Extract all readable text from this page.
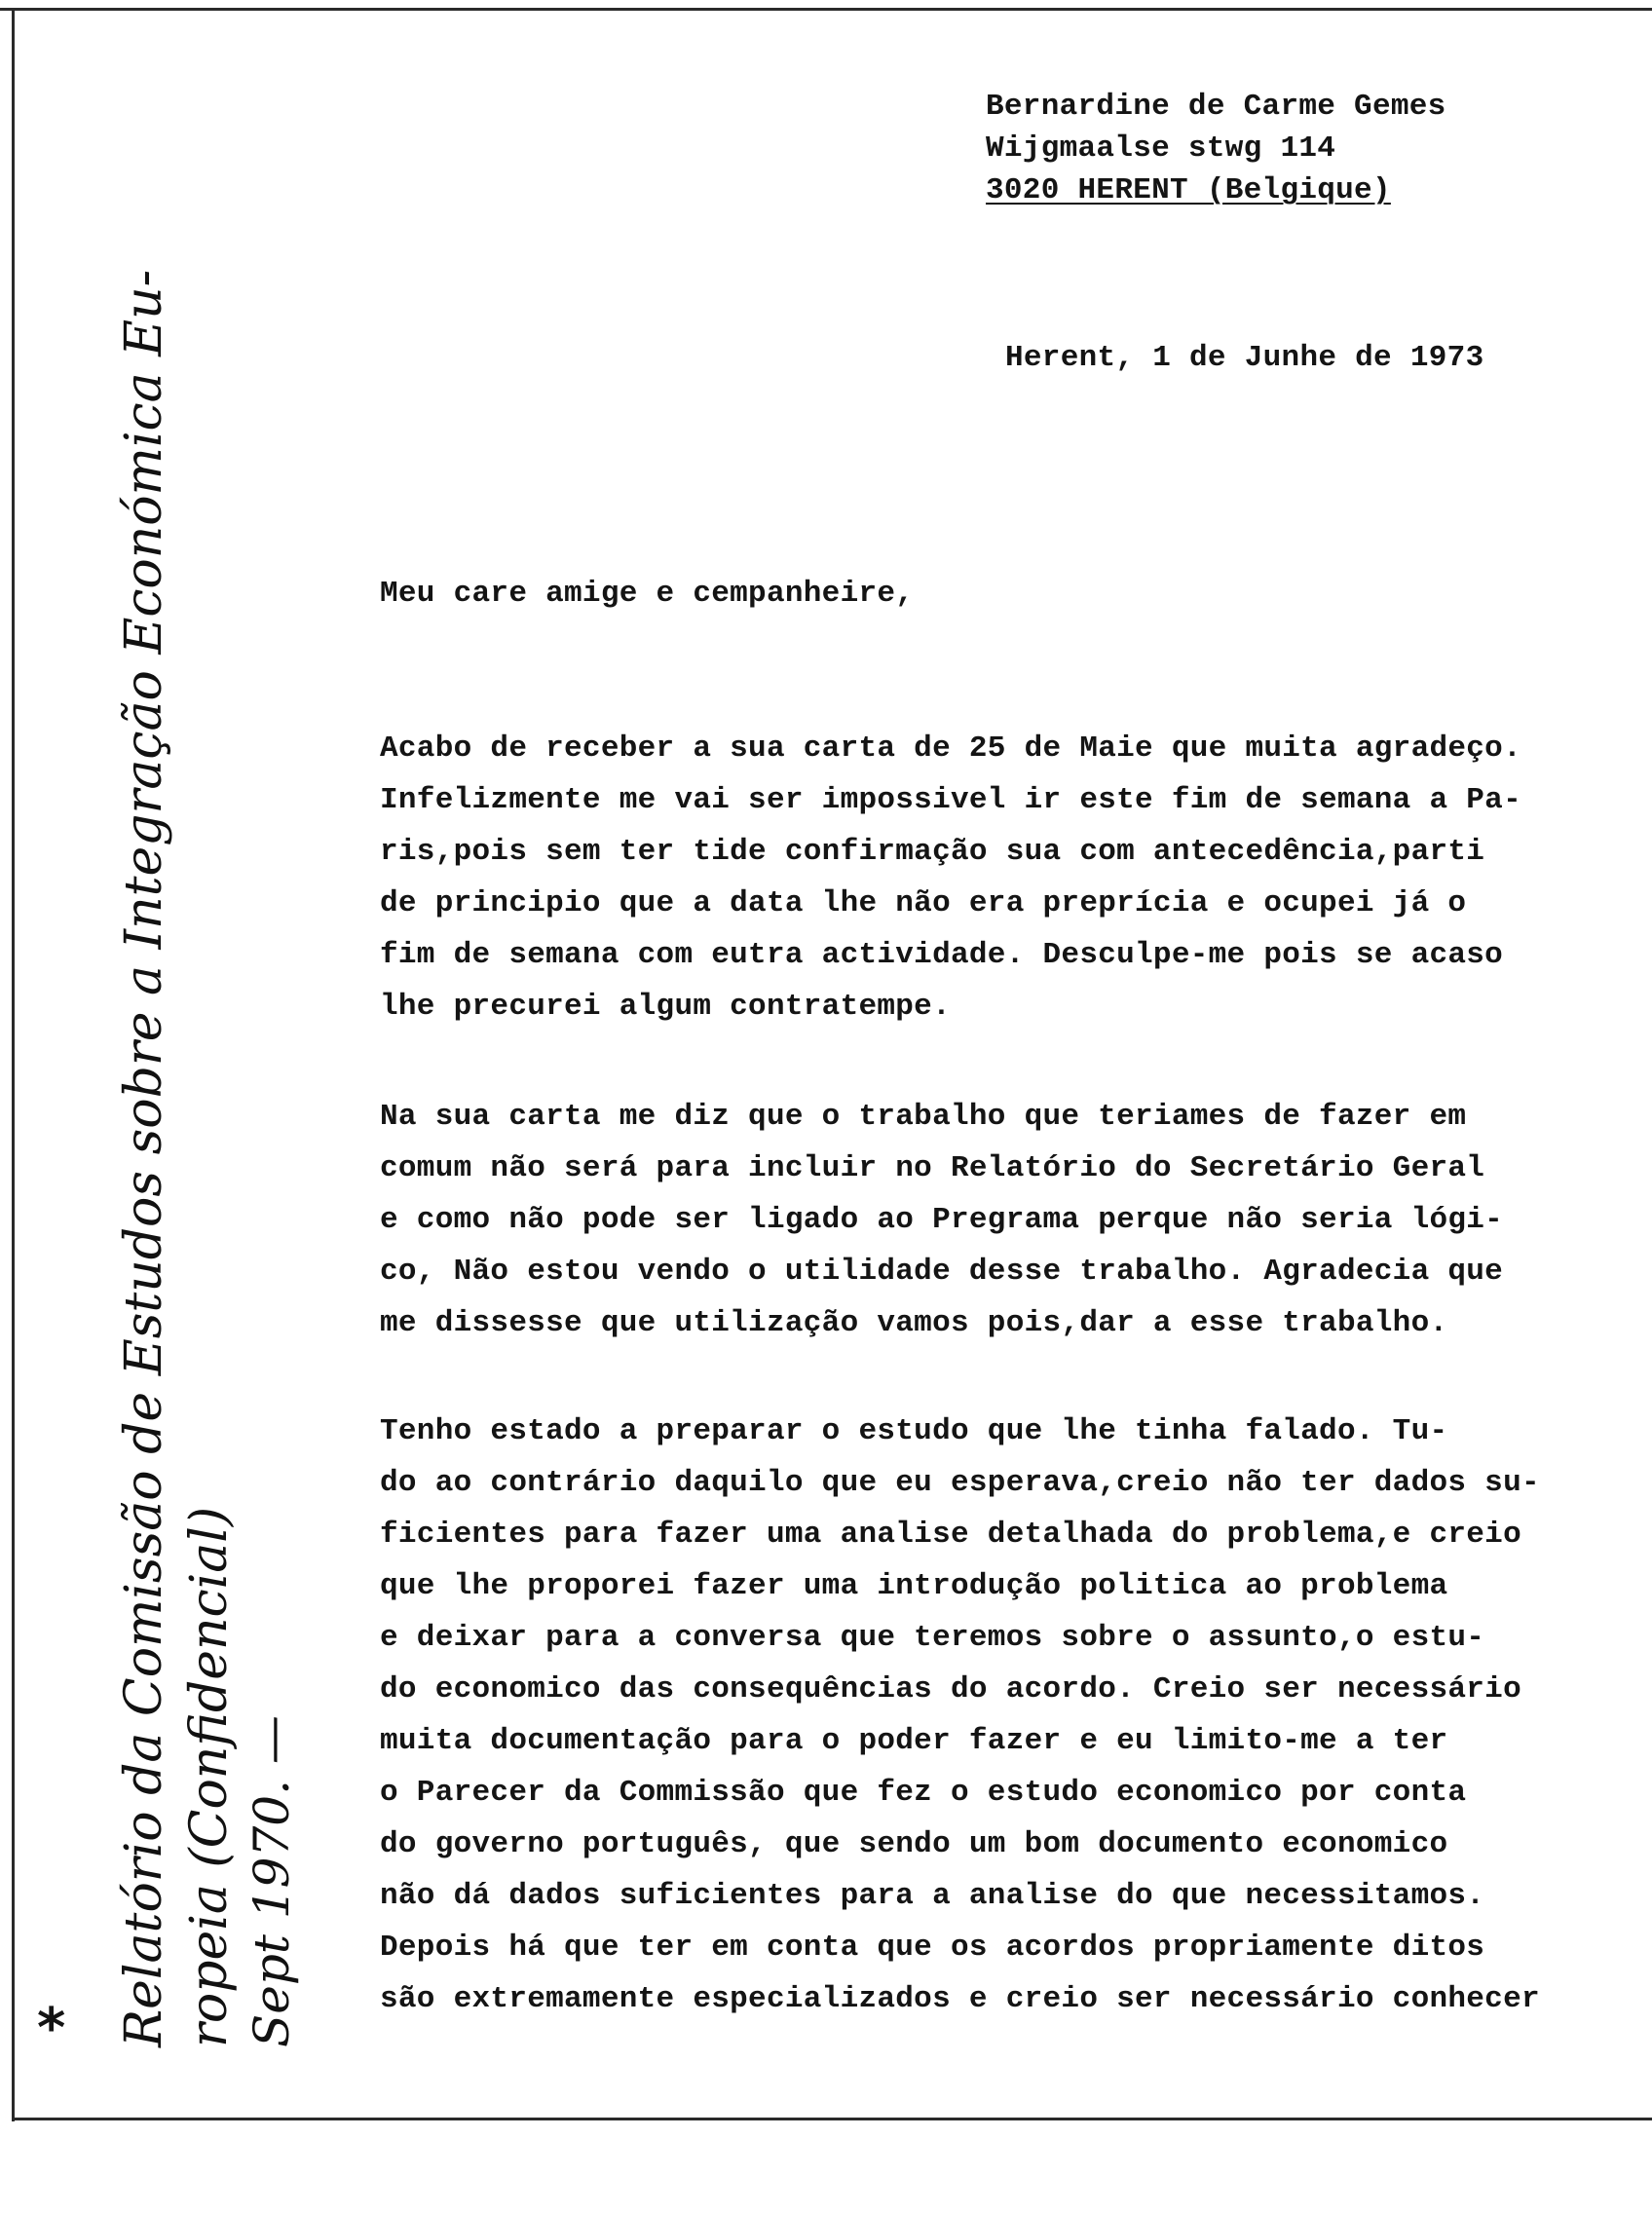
Bernardine de Carme Gemes
Wijgmaalse stwg 114
3020 HERENT (Belgique)
Herent, 1 de Junhe de 1973
Meu care amige e cempanheire,
Acabo de receber a sua carta de 25 de Maie que muita agradeço.
Infelizmente me vai ser impossivel ir este fim de semana a Pa-
ris,pois sem ter tide confirmação sua com antecedência,parti
de principio que a data lhe não era preprícia e ocupei já o
fim de semana com eutra actividade. Desculpe-me pois se acaso
lhe precurei algum contratempe.
Na sua carta me diz que o trabalho que teriames de fazer em
comum não será para incluir no Relatório do Secretário Geral
e como não pode ser ligado ao Pregrama perque não seria lógi-
co, Não estou vendo o utilidade desse trabalho. Agradecia que
me dissesse que utilização vamos pois,dar a esse trabalho.
Tenho estado a preparar o estudo que lhe tinha falado. Tu-
do ao contrário daquilo que eu esperava,creio não ter dados su-
ficientes para fazer uma analise detalhada do problema,e creio
que lhe proporei fazer uma introdução politica ao problema
e deixar para a conversa que teremos sobre o assunto,o estu-
do economico das consequências do acordo. Creio ser necessário
muita documentação para o poder fazer e eu limito-me a ter
o Parecer da Commissão que fez o estudo economico por conta
do governo português, que sendo um bom documento economico
não dá dados suficientes para a analise do que necessitamos.
Depois há que ter em conta que os acordos propriamente ditos
são extremamente especializados e creio ser necessário conhecer
Relatório da Comissão de Estudos sobre a Integração Económica Eu- ropeia (Confidencial) Sept 1970. —
*
